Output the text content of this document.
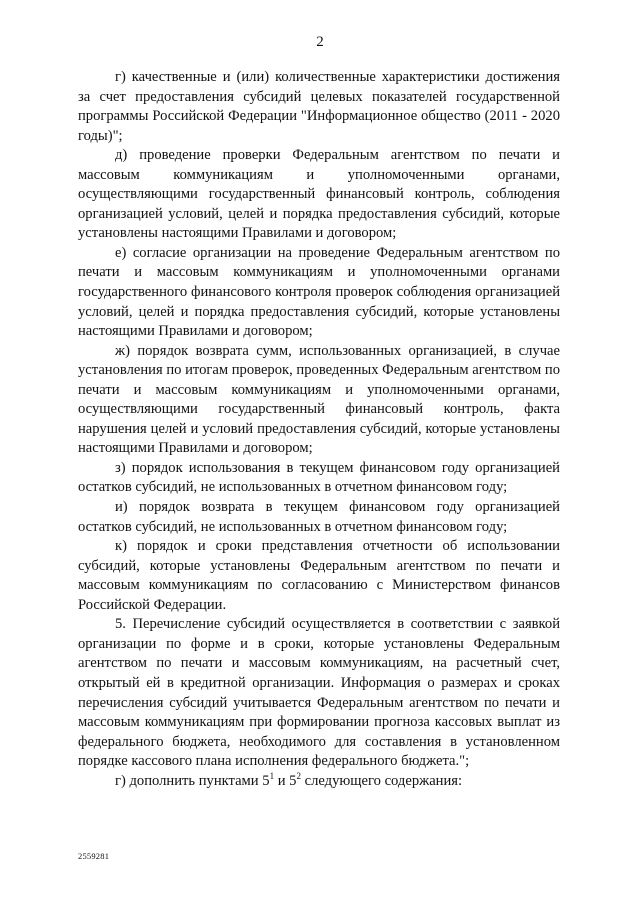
2

г) качественные и (или) количественные характеристики достижения за счет предоставления субсидий целевых показателей государственной программы Российской Федерации "Информационное общество (2011 - 2020 годы)";

д) проведение проверки Федеральным агентством по печати и массовым коммуникациям и уполномоченными органами, осуществляющими государственный финансовый контроль, соблюдения организацией условий, целей и порядка предоставления субсидий, которые установлены настоящими Правилами и договором;

е) согласие организации на проведение Федеральным агентством по печати и массовым коммуникациям и уполномоченными органами государственного финансового контроля проверок соблюдения организацией условий, целей и порядка предоставления субсидий, которые установлены настоящими Правилами и договором;

ж) порядок возврата сумм, использованных организацией, в случае установления по итогам проверок, проведенных Федеральным агентством по печати и массовым коммуникациям и уполномоченными органами, осуществляющими государственный финансовый контроль, факта нарушения целей и условий предоставления субсидий, которые установлены настоящими Правилами и договором;

з) порядок использования в текущем финансовом году организацией остатков субсидий, не использованных в отчетном финансовом году;

и) порядок возврата в текущем финансовом году организацией остатков субсидий, не использованных в отчетном финансовом году;

к) порядок и сроки представления отчетности об использовании субсидий, которые установлены Федеральным агентством по печати и массовым коммуникациям по согласованию с Министерством финансов Российской Федерации.

5. Перечисление субсидий осуществляется в соответствии с заявкой организации по форме и в сроки, которые установлены Федеральным агентством по печати и массовым коммуникациям, на расчетный счет, открытый ей в кредитной организации. Информация о размерах и сроках перечисления субсидий учитывается Федеральным агентством по печати и массовым коммуникациям при формировании прогноза кассовых выплат из федерального бюджета, необходимого для составления в установленном порядке кассового плана исполнения федерального бюджета.";

г) дополнить пунктами $5^1$ и $5^2$ следующего содержания:

2559281
